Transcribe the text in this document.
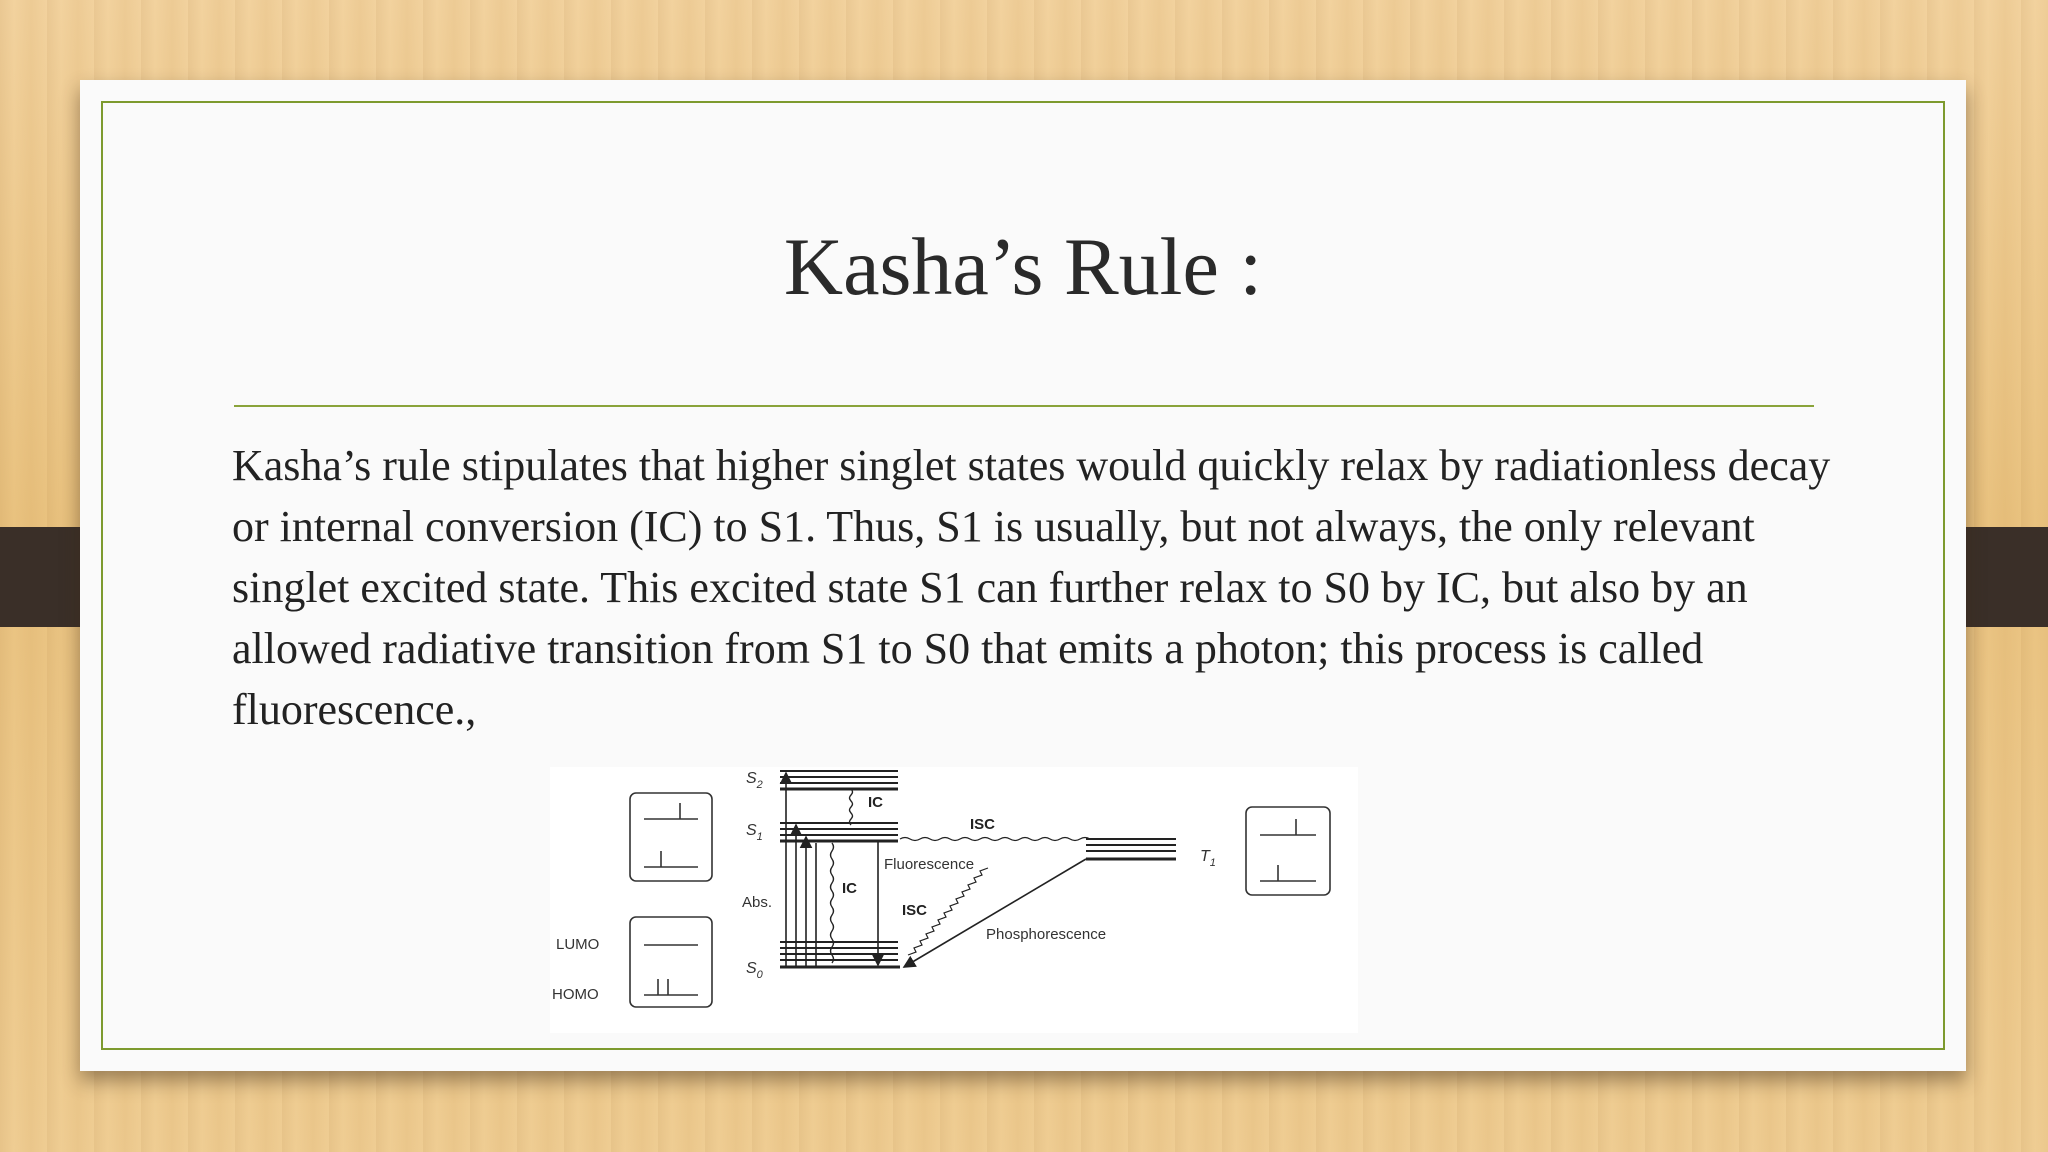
Kasha’s Rule :
Kasha’s rule stipulates that higher singlet states would quickly relax by radiationless decay or internal conversion (IC) to S1. Thus, S1 is usually, but not always, the only relevant singlet excited state. This excited state S1 can further relax to S0 by IC, but also by an allowed radiative transition from S1 to S0 that emits a photon; this process is called fluorescence.,
LUMO
HOMO
$S_2$
$S_1$
Abs.
$S_0$
IC
IC
Fluorescence
ISC
ISC
Phosphorescence
$T_1$
